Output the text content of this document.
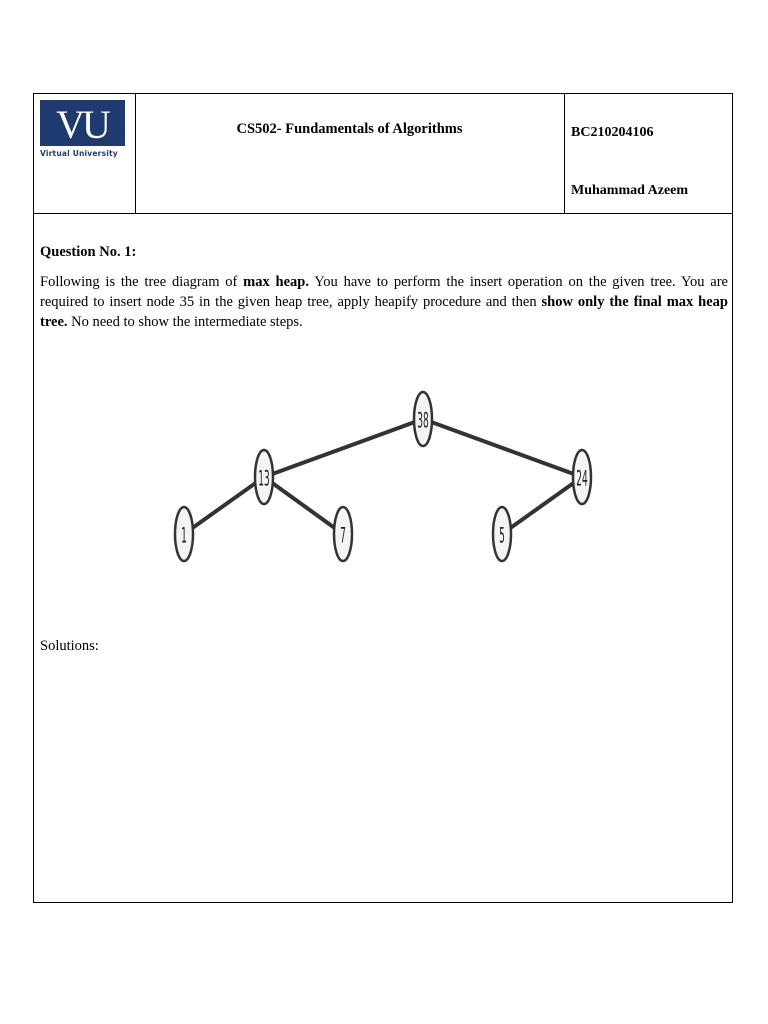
VU
Virtual University
CS502- Fundamentals of Algorithms	BC210204106
Muhammad Azeem
Question No. 1:
Following is the tree diagram of max heap. You have to perform the insert operation on the given tree. You are required to insert node 35 in the given heap tree, apply heapify procedure and then show only the final max heap tree. No need to show the intermediate steps.
38
13	24
1	7	5
Solutions:
